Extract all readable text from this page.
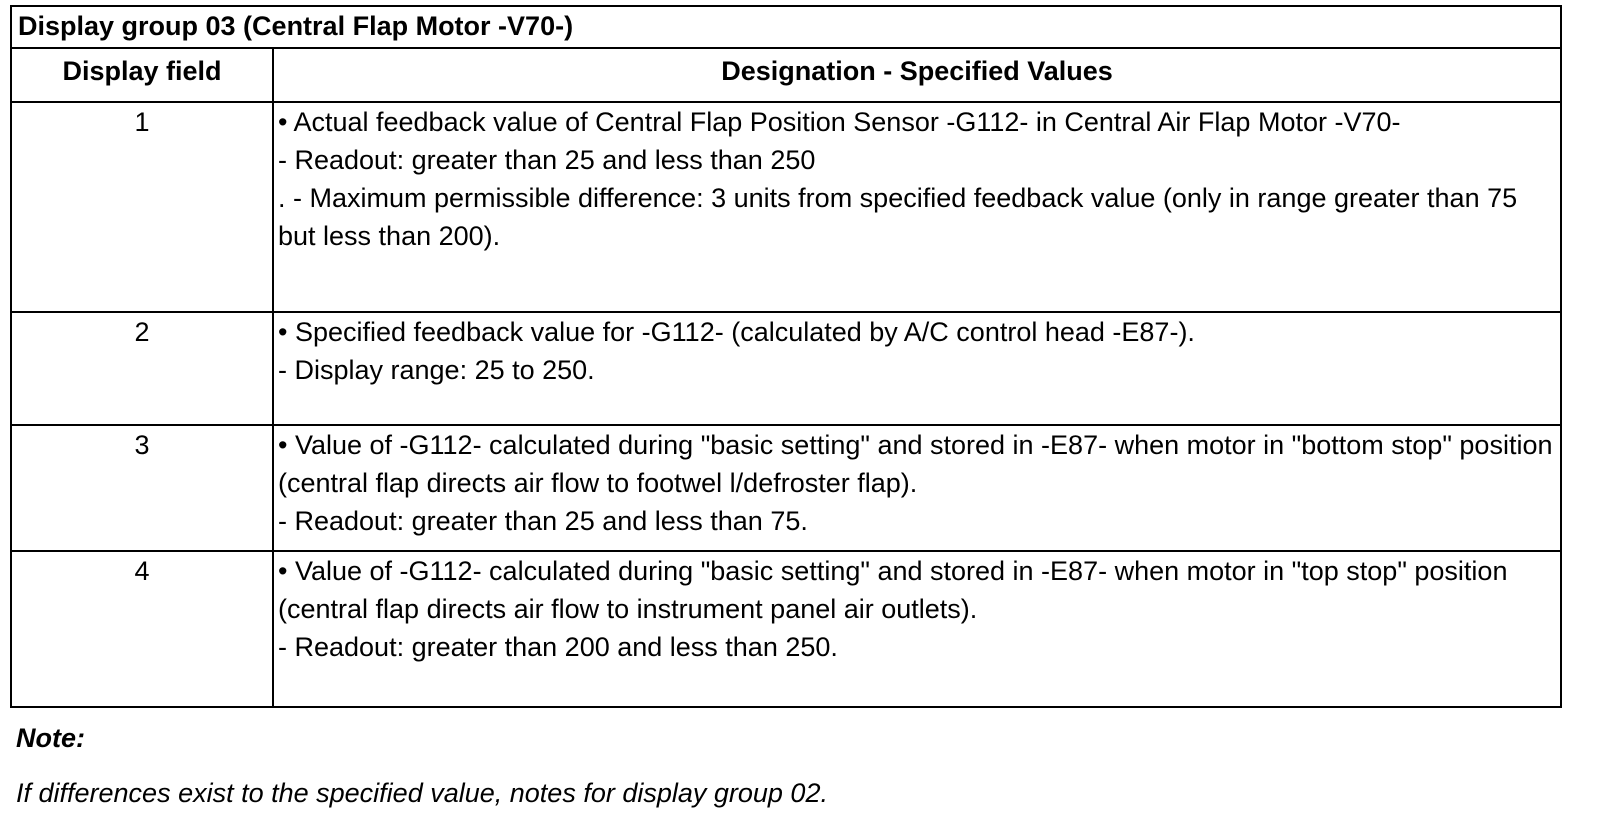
Display group 03 (Central Flap Motor -V70-)	
Display field	Designation - Specified Values
1	• Actual feedback value of Central Flap Position Sensor -G112- in Central Air Flap Motor -V70-
- Readout: greater than 25 and less than 250
. - Maximum permissible difference: 3 units from specified feedback value (only in range greater than 75 but less than 200).

2	• Specified feedback value for -G112- (calculated by A/C control head -E87-).
- Display range: 25 to 250.

3	• Value of -G112- calculated during "basic setting" and stored in -E87- when motor in "bottom stop" position (central flap directs air flow to footwel l/defroster flap).
- Readout: greater than 25 and less than 75.

4	• Value of -G112- calculated during "basic setting" and stored in -E87- when motor in "top stop" position (central flap directs air flow to instrument panel air outlets).
- Readout: greater than 200 and less than 250.
Note:
If differences exist to the specified value, notes for display group 02.
